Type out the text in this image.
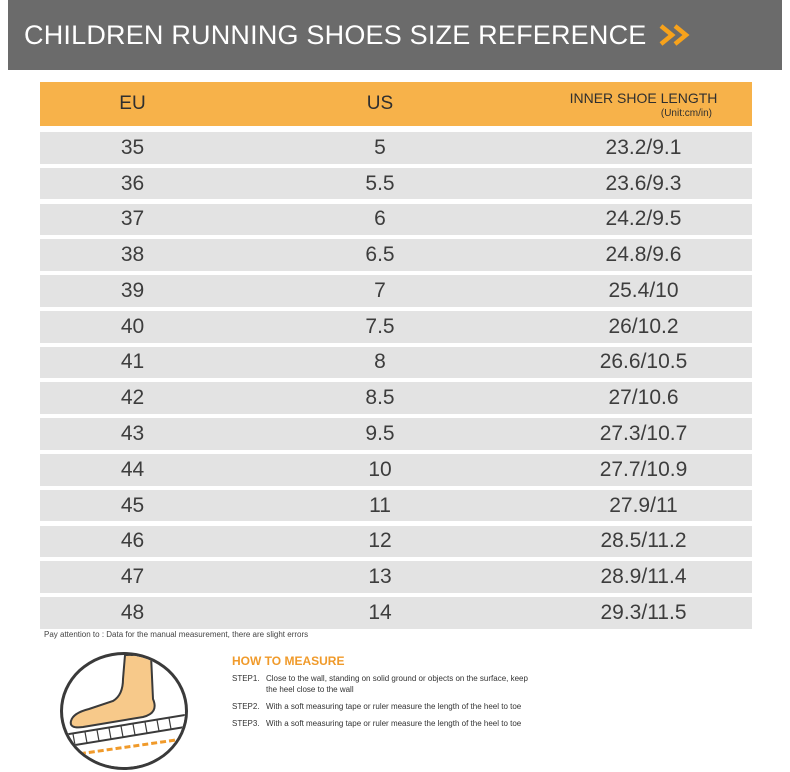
CHILDREN RUNNING SHOES SIZE REFERENCE
EU	US	INNER SHOE LENGTH
(Unit:cm/in)
35	5	23.2/9.1
36	5.5	23.6/9.3
37	6	24.2/9.5
38	6.5	24.8/9.6
39	7	25.4/10
40	7.5	26/10.2
41	8	26.6/10.5
42	8.5	27/10.6
43	9.5	27.3/10.7
44	10	27.7/10.9
45	11	27.9/11
46	12	28.5/11.2
47	13	28.9/11.4
48	14	29.3/11.5
Pay attention to : Data for the manual measurement, there are slight errors
HOW TO MEASURE
STEP1. Close to the wall, standing on solid ground or objects on the surface, keep the heel close to the wall
STEP2. With a soft measuring tape or ruler measure the length of the heel to toe
STEP3. With a soft measuring tape or ruler measure the length of the heel to toe
